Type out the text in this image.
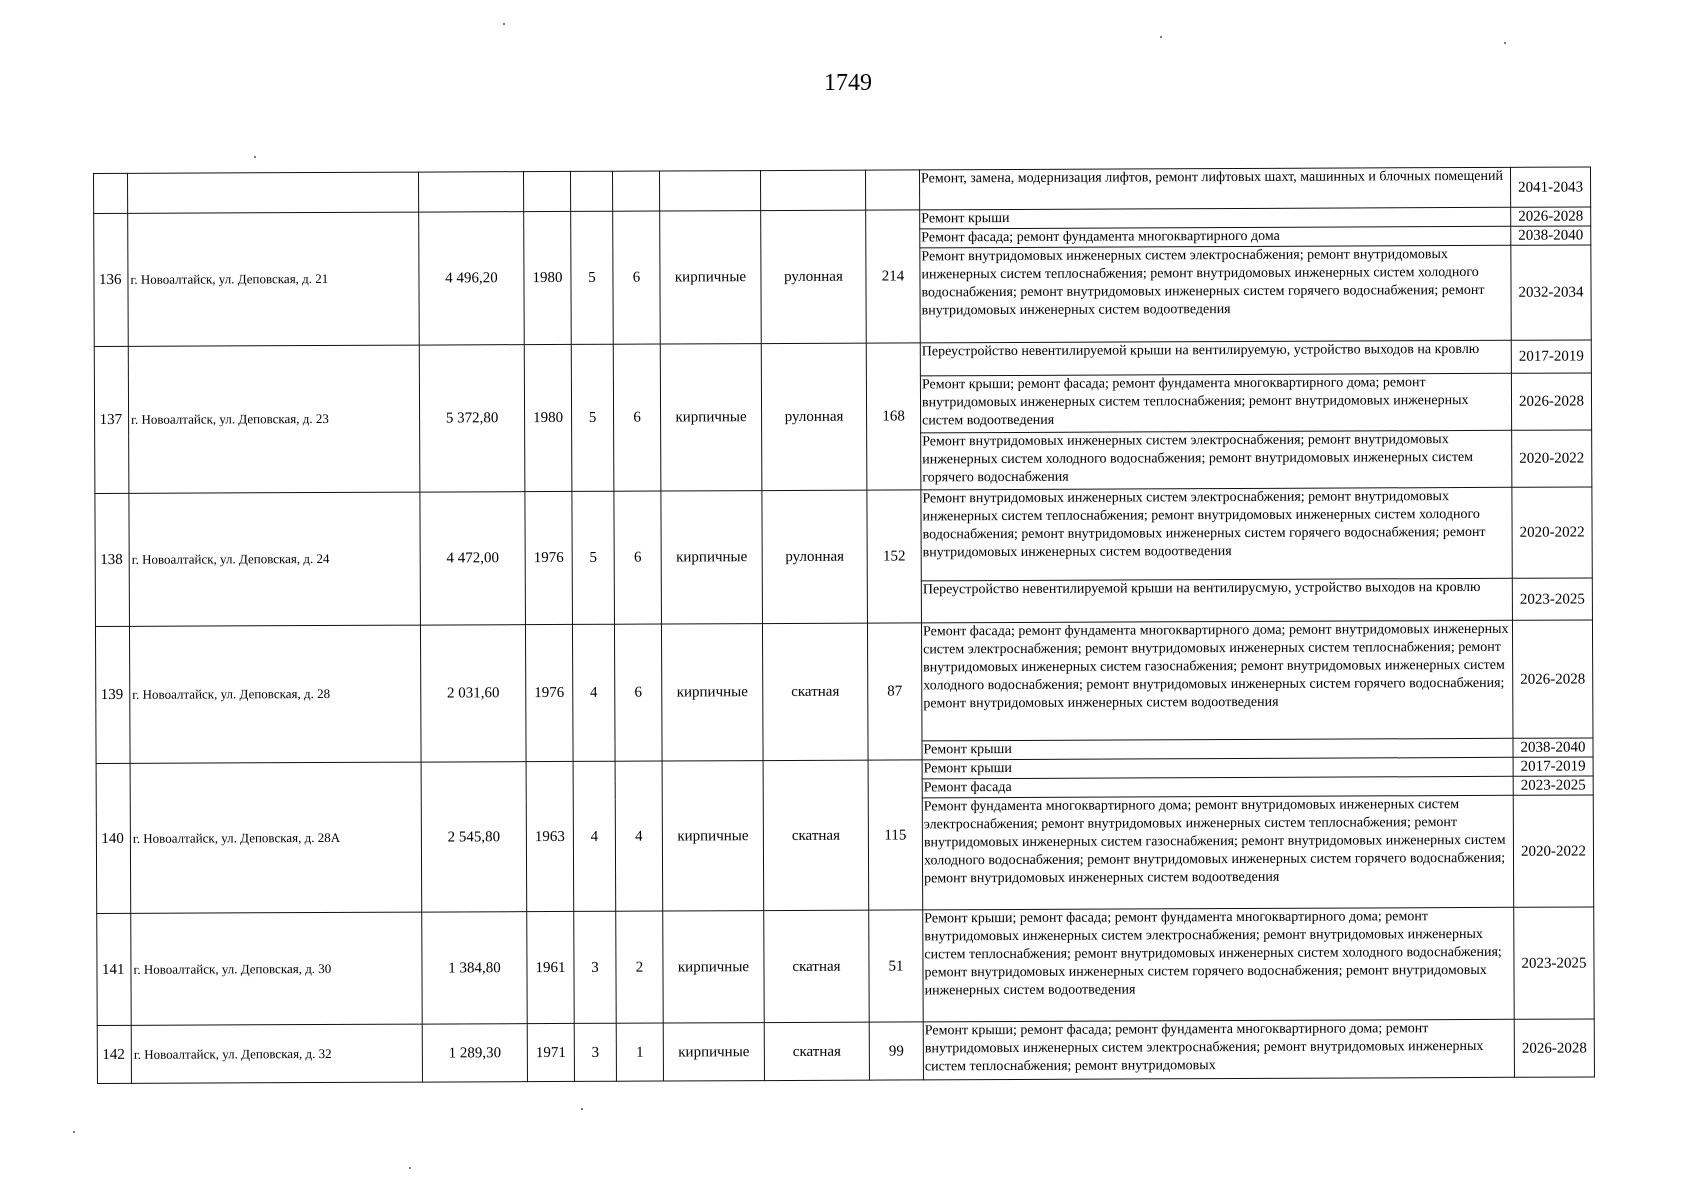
1749
									Ремонт, замена, модернизация лифтов, ремонт лифтовых шахт, машинных и блочных помещений	2041-2043
136	г. Новоалтайск, ул. Деповская, д. 21	4 496,20	1980	5	6	кирпичные	рулонная	214	Ремонт крыши	2026-2028
									Ремонт фасада; ремонт фундамента многоквартирного дома	2038-2040
									Ремонт внутридомовых инженерных систем электроснабжения; ремонт внутридомовых инженерных систем теплоснабжения; ремонт внутридомовых инженерных систем холодного водоснабжения; ремонт внутридомовых инженерных систем горячего водоснабжения; ремонт внутридомовых инженерных систем водоотведения	2032-2034
137	г. Новоалтайск, ул. Деповская, д. 23	5 372,80	1980	5	6	кирпичные	рулонная	168	Переустройство невентилируемой крыши на вентилируемую, устройство выходов на кровлю	2017-2019
									Ремонт крыши; ремонт фасада; ремонт фундамента многоквартирного дома; ремонт внутридомовых инженерных систем теплоснабжения; ремонт внутридомовых инженерных систем водоотведения	2026-2028
									Ремонт внутридомовых инженерных систем электроснабжения; ремонт внутридомовых инженерных систем холодного водоснабжения; ремонт внутридомовых инженерных систем горячего водоснабжения	2020-2022
138	г. Новоалтайск, ул. Деповская, д. 24	4 472,00	1976	5	6	кирпичные	рулонная	152	Ремонт внутридомовых инженерных систем электроснабжения; ремонт внутридомовых инженерных систем теплоснабжения; ремонт внутридомовых инженерных систем холодного водоснабжения; ремонт внутридомовых инженерных систем горячего водоснабжения; ремонт внутридомовых инженерных систем водоотведения	2020-2022
									Переустройство невентилируемой крыши на вентилирусмую, устройство выходов на кровлю	2023-2025
139	г. Новоалтайск, ул. Деповская, д. 28	2 031,60	1976	4	6	кирпичные	скатная	87	Ремонт фасада; ремонт фундамента многоквартирного дома; ремонт внутридомовых инженерных систем электроснабжения; ремонт внутридомовых инженерных систем теплоснабжения; ремонт внутридомовых инженерных систем газоснабжения; ремонт внутридомовых инженерных систем холодного водоснабжения; ремонт внутридомовых инженерных систем горячего водоснабжения; ремонт внутридомовых инженерных систем водоотведения	2026-2028
									Ремонт крыши	2038-2040
140	г. Новоалтайск, ул. Деповская, д. 28А	2 545,80	1963	4	4	кирпичные	скатная	115	Ремонт крыши	2017-2019
									Ремонт фасада	2023-2025
									Ремонт фундамента многоквартирного дома; ремонт внутридомовых инженерных систем электроснабжения; ремонт внутридомовых инженерных систем теплоснабжения; ремонт внутридомовых инженерных систем газоснабжения; ремонт внутридомовых инженерных систем холодного водоснабжения; ремонт внутридомовых инженерных систем горячего водоснабжения; ремонт внутридомовых инженерных систем водоотведения	2020-2022
141	г. Новоалтайск, ул. Деповская, д. 30	1 384,80	1961	3	2	кирпичные	скатная	51	Ремонт крыши; ремонт фасада; ремонт фундамента многоквартирного дома; ремонт внутридомовых инженерных систем электроснабжения; ремонт внутридомовых инженерных систем теплоснабжения; ремонт внутридомовых инженерных систем холодного водоснабжения; ремонт внутридомовых инженерных систем горячего водоснабжения; ремонт внутридомовых инженерных систем водоотведения	2023-2025
142	г. Новоалтайск, ул. Деповская, д. 32	1 289,30	1971	3	1	кирпичные	скатная	99	Ремонт крыши; ремонт фасада; ремонт фундамента многоквартирного дома; ремонт внутридомовых инженерных систем электроснабжения; ремонт внутридомовых инженерных систем теплоснабжения; ремонт внутридомовых	2026-2028
